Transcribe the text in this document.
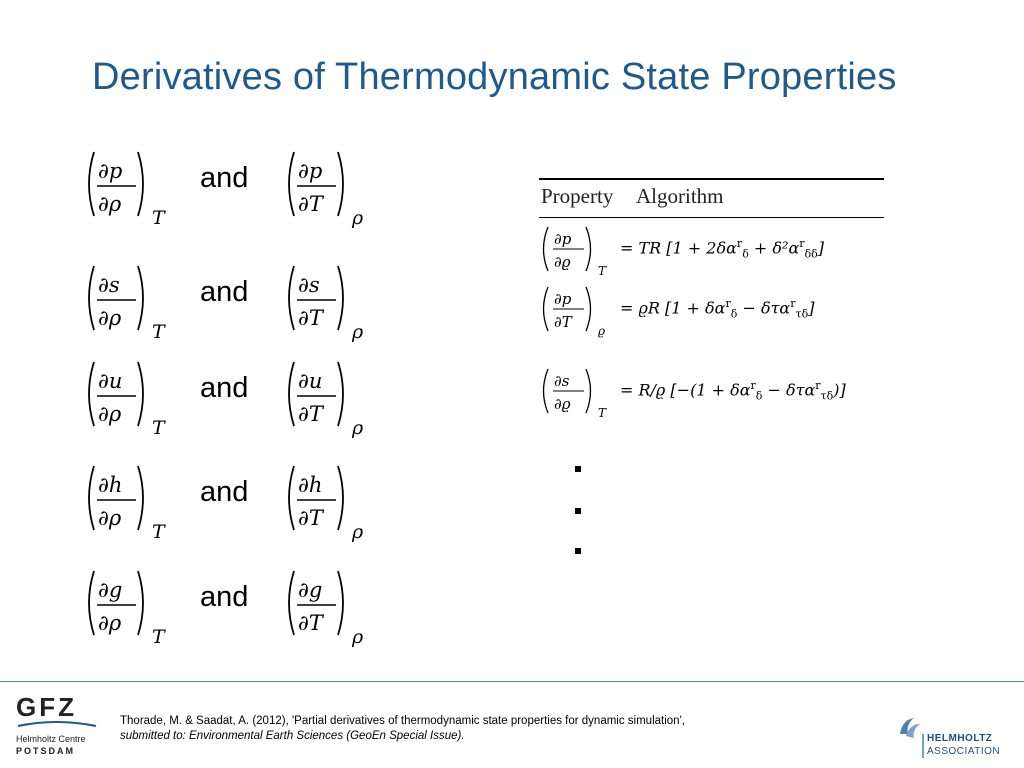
Derivatives of Thermodynamic State Properties
∂p
∂ρ
T
∂p
∂T
ρ
and
∂s
∂ρ
T
∂s
∂T
ρ
and
∂u
∂ρ
T
∂u
∂T
ρ
and
∂h
∂ρ
T
∂h
∂T
ρ
and
∂g
∂ρ
T
∂g
∂T
ρ
and
Property Algorithm
∂p
∂ϱ T
= TR $[1 + 2\delta\alpha^r_\delta + \delta^2\alpha^r_{\delta\delta}]$
∂p
∂T ϱ
= ϱR $[1 + \delta\alpha^r_\delta - \delta\tau\alpha^r_{\tau\delta}]$
∂s
∂ϱ T
= R/ϱ $[-(1 + \delta\alpha^r_\delta - \delta\tau\alpha^r_{\tau\delta})]$
GFZ
Helmholtz Centre
POTSDAM
Thorade, M. & Saadat, A. (2012), 'Partial derivatives of thermodynamic state properties for dynamic simulation',
submitted to: Environmental Earth Sciences (GeoEn Special Issue).	HELMHOLTZ
ASSOCIATION
